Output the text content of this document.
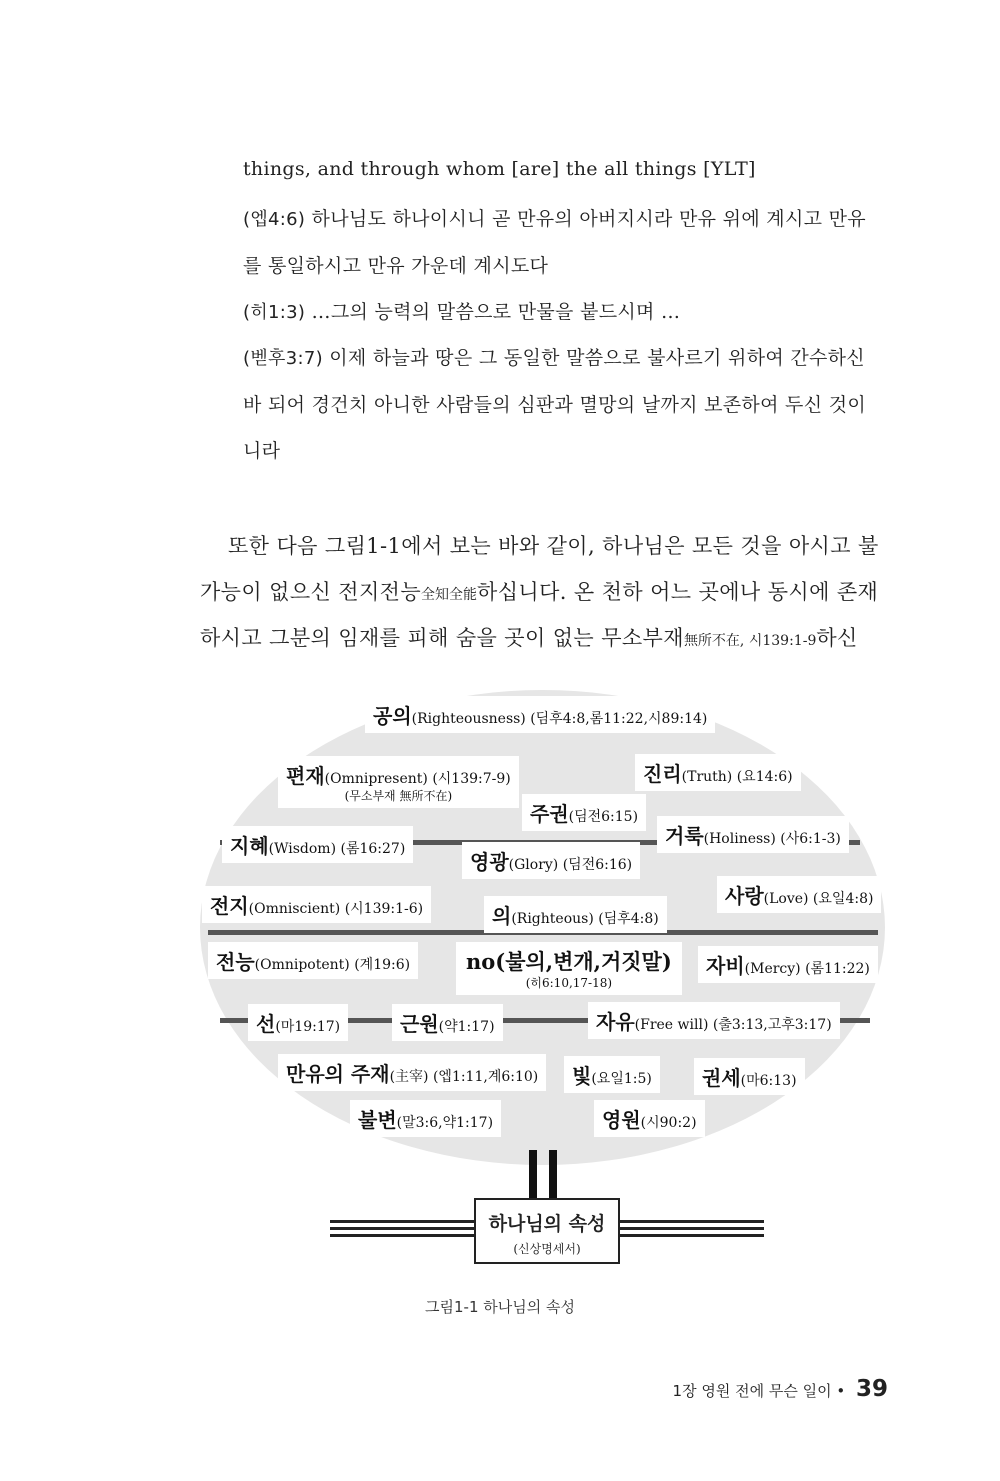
things, and through whom [are] the all things [YLT]
(엡4:6) 하나님도 하나이시니 곧 만유의 아버지시라 만유 위에 계시고 만유
를 통일하시고 만유 가운데 계시도다
(히1:3) …그의 능력의 말씀으로 만물을 붙드시며 …
(벧후3:7) 이제 하늘과 땅은 그 동일한 말씀으로 불사르기 위하여 간수하신
바 되어 경건치 아니한 사람들의 심판과 멸망의 날까지 보존하여 두신 것이
니라
또한 다음 그림1-1에서 보는 바와 같이, 하나님은 모든 것을 아시고 불
가능이 없으신 전지전능全知全能하십니다. 온 천하 어느 곳에나 동시에 존재
하시고 그분의 임재를 피해 숨을 곳이 없는 무소부재無所不在, 시139:1-9하신
공의(Righteousness) (딤후4:8,롬11:22,시89:14)
편재(Omnipresent) (시139:7-9)
(무소부재 無所不在)
진리(Truth) (요14:6)
주권(딤전6:15)
거룩(Holiness) (사6:1-3)
지혜(Wisdom) (롬16:27)
영광(Glory) (딤전6:16)
사랑(Love) (요일4:8)
전지(Omniscient) (시139:1-6)	의(Righteous) (딤후4:8)
전능(Omnipotent) (계19:6)	no(불의,변개,거짓말)
(히6:10,17-18)
자비(Mercy) (롬11:22)
선(마19:17)	근원(약1:17)	자유(Free will) (출3:13,고후3:17)
만유의 주재(主宰) (엡1:11,계6:10)	빛(요일1:5)	권세(마6:13)
불변(말3:6,약1:17)	영원(시90:2)
하나님의 속성
(신상명세서)
그림1-1 하나님의 속성
1장 영원 전에 무슨 일이 • 39
